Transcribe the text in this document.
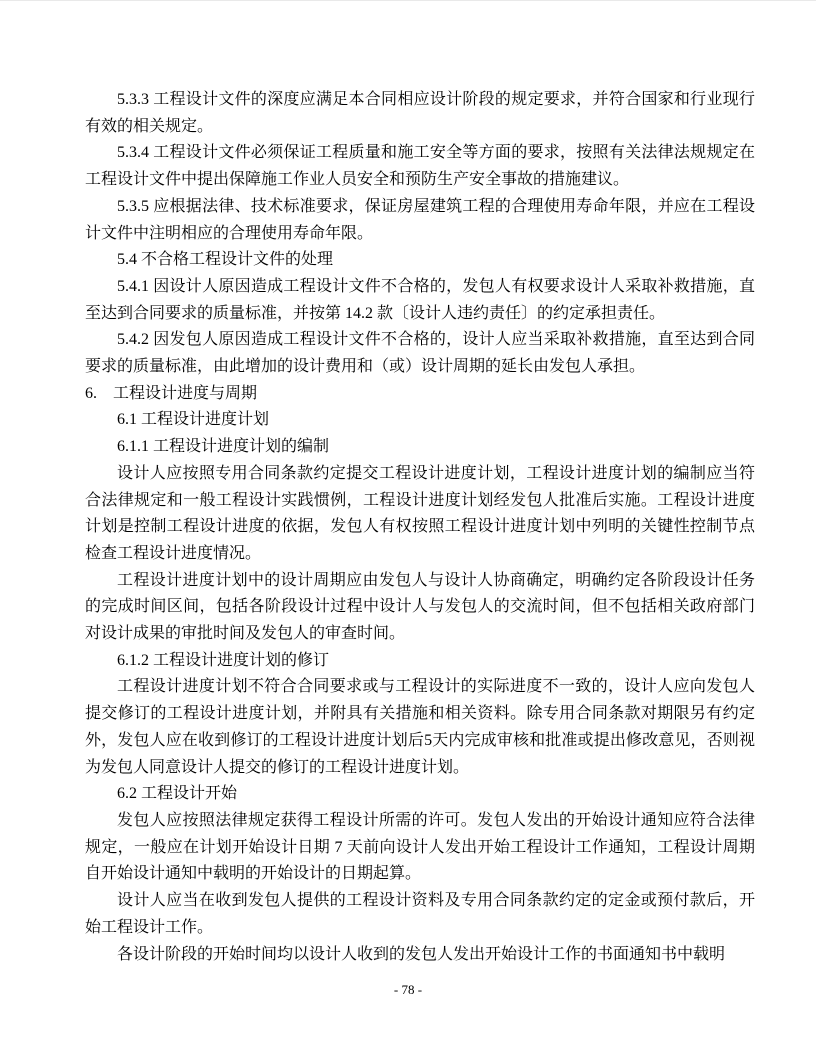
5.3.3 工程设计文件的深度应满足本合同相应设计阶段的规定要求，并符合国家和行业现行有效的相关规定。

5.3.4 工程设计文件必须保证工程质量和施工安全等方面的要求，按照有关法律法规规定在工程设计文件中提出保障施工作业人员安全和预防生产安全事故的措施建议。

5.3.5 应根据法律、技术标准要求，保证房屋建筑工程的合理使用寿命年限，并应在工程设计文件中注明相应的合理使用寿命年限。

5.4 不合格工程设计文件的处理

5.4.1 因设计人原因造成工程设计文件不合格的，发包人有权要求设计人采取补救措施，直至达到合同要求的质量标准，并按第 14.2 款〔设计人违约责任〕的约定承担责任。

5.4.2 因发包人原因造成工程设计文件不合格的，设计人应当采取补救措施，直至达到合同要求的质量标准，由此增加的设计费用和（或）设计周期的延长由发包人承担。

6.　工程设计进度与周期

6.1 工程设计进度计划

6.1.1 工程设计进度计划的编制

设计人应按照专用合同条款约定提交工程设计进度计划，工程设计进度计划的编制应当符合法律规定和一般工程设计实践惯例，工程设计进度计划经发包人批准后实施。工程设计进度计划是控制工程设计进度的依据，发包人有权按照工程设计进度计划中列明的关键性控制节点检查工程设计进度情况。

工程设计进度计划中的设计周期应由发包人与设计人协商确定，明确约定各阶段设计任务的完成时间区间，包括各阶段设计过程中设计人与发包人的交流时间，但不包括相关政府部门对设计成果的审批时间及发包人的审查时间。

6.1.2 工程设计进度计划的修订

工程设计进度计划不符合合同要求或与工程设计的实际进度不一致的，设计人应向发包人提交修订的工程设计进度计划，并附具有关措施和相关资料。除专用合同条款对期限另有约定外，发包人应在收到修订的工程设计进度计划后5天内完成审核和批准或提出修改意见，否则视为发包人同意设计人提交的修订的工程设计进度计划。

6.2 工程设计开始

发包人应按照法律规定获得工程设计所需的许可。发包人发出的开始设计通知应符合法律规定，一般应在计划开始设计日期 7 天前向设计人发出开始工程设计工作通知，工程设计周期自开始设计通知中载明的开始设计的日期起算。

设计人应当在收到发包人提供的工程设计资料及专用合同条款约定的定金或预付款后，开始工程设计工作。

各设计阶段的开始时间均以设计人收到的发包人发出开始设计工作的书面通知书中载明

- 78 -
